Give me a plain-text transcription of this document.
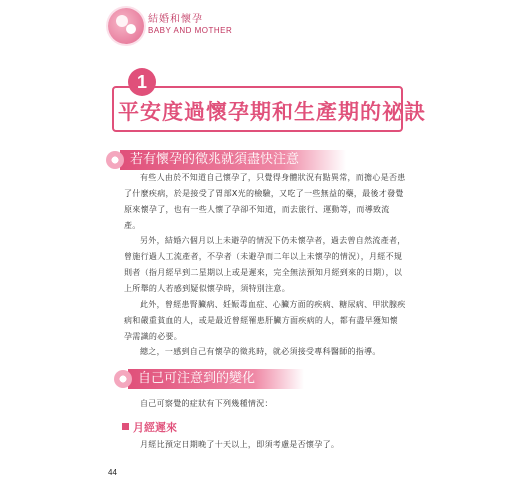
結婚和懷孕
BABY AND MOTHER
1
平安度過懷孕期和生產期的祕訣
若有懷孕的徵兆就須盡快注意
有些人由於不知道自己懷孕了，只覺得身體狀況有點異常，而擔心是否患了什麼疾病，於是接受了胃部X光的檢驗，又吃了一些無益的藥，最後才發覺原來懷孕了，也有一些人懷了孕卻不知道，而去旅行、運動等，而導致流產。
另外，結婚六個月以上未避孕的情況下仍未懷孕者，過去曾自然流產者，曾施行過人工流產者，不孕者（未避孕而二年以上未懷孕的情況），月經不規則者（指月經早到二星期以上或是遲來，完全無法預知月經到來的日期），以上所舉的人若感到疑似懷孕時，須特別注意。
此外，曾經患腎臟病、妊娠毒血症、心臟方面的疾病、糖尿病、甲狀腺疾病和嚴重貧血的人，或是最近曾經罹患肝臟方面疾病的人，都有盡早獲知懷孕需識的必要。
總之，一感到自己有懷孕的徵兆時，就必須接受專科醫師的指導。
自己可注意到的變化
自己可察覺的症狀有下列幾種情況：
月經遲來
月經比預定日期晚了十天以上，即須考慮是否懷孕了。
44
